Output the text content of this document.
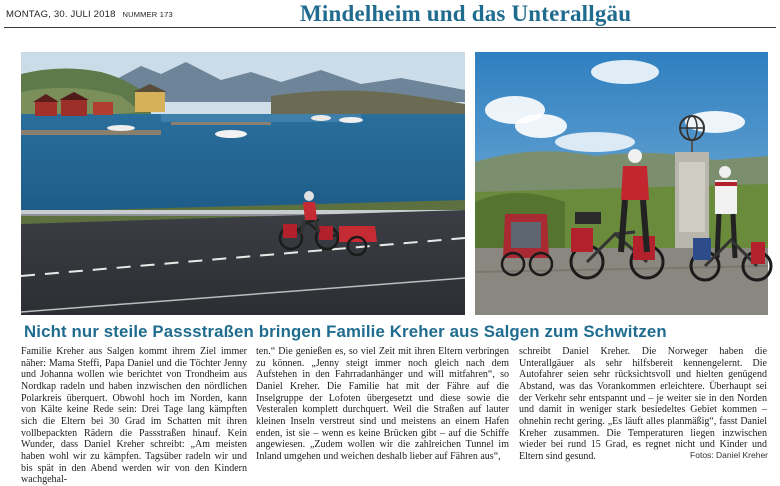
MONTAG, 30. JULI 2018 NUMMER 173	Mindelheim und das Unterallgäu
Nicht nur steile Passstraßen bringen Familie Kreher aus Salgen zum Schwitzen

Familie Kreher aus Salgen kommt ihrem Ziel immer näher: Mama Steffi, Papa Daniel und die Töchter Jenny und Johanna wollen wie berichtet von Trondheim aus Nordkap radeln und haben inzwischen den nördlichen Polarkreis überquert. Obwohl hoch im Norden, kann von Kälte keine Rede sein: Drei Tage lang kämpften sich die Eltern bei 30 Grad im Schatten mit ihren vollbepackten Rädern die Passstraßen hinauf. Kein Wunder, dass Daniel Kreher schreibt: „Am meisten haben wohl wir zu kämpfen. Tagsüber radeln wir und bis spät in den Abend werden wir von den Kindern wachgehal-

ten.“ Die genießen es, so viel Zeit mit ihren Eltern verbringen zu können. „Jenny steigt immer noch gleich nach dem Aufstehen in den Fahrradanhänger und will mitfahren“, so Daniel Kreher. Die Familie hat mit der Fähre auf die Inselgruppe der Lofoten übergesetzt und diese sowie die Vesteralen komplett durchquert. Weil die Straßen auf lauter kleinen Inseln verstreut sind und meistens an einem Hafen enden, ist sie – wenn es keine Brücken gibt – auf die Schiffe angewiesen. „Zudem wollen wir die zahlreichen Tunnel im Inland umgehen und weichen deshalb lieber auf Fähren aus“,

schreibt Daniel Kreher. Die Norweger haben die Unterallgäuer als sehr hilfsbereit kennengelernt. Die Autofahrer seien sehr rücksichtsvoll und hielten genügend Abstand, was das Vorankommen erleichtere. Überhaupt sei der Verkehr sehr entspannt und – je weiter sie in den Norden und damit in weniger stark besiedeltes Gebiet kommen – ohnehin recht gering. „Es läuft alles planmäßig“, fasst Daniel Kreher zusammen. Die Temperaturen liegen inzwischen wieder bei rund 15 Grad, es regnet nicht und Kinder und Eltern sind gesund.	Fotos: Daniel Kreher
